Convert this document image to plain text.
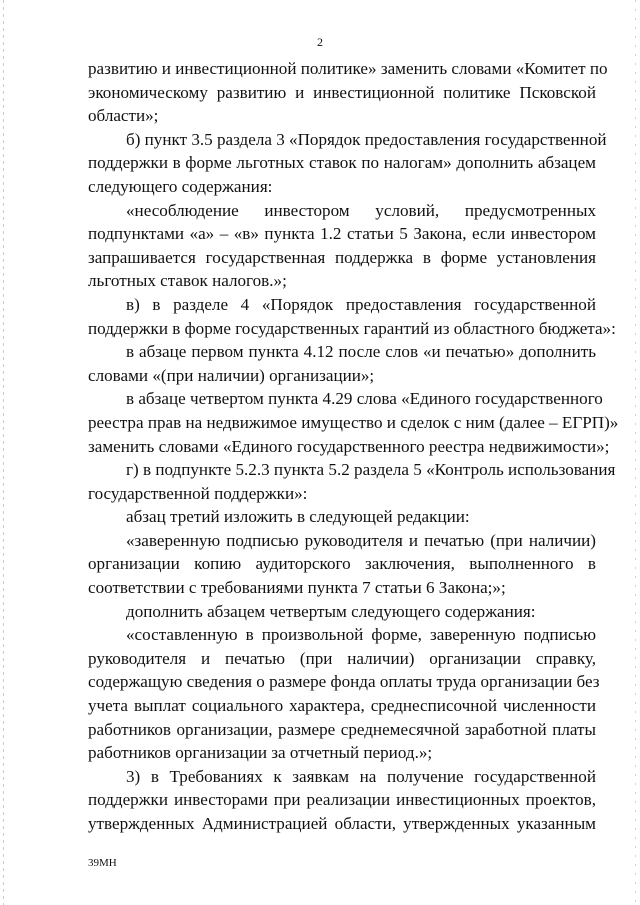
2
развитию и инвестиционной политике» заменить словами «Комитет по
экономическому развитию и инвестиционной политике Псковской
области»;
б) пункт 3.5 раздела 3 «Порядок предоставления государственной
поддержки в форме льготных ставок по налогам» дополнить абзацем
следующего содержания:
«несоблюдение инвестором условий, предусмотренных
подпунктами «а» – «в» пункта 1.2 статьи 5 Закона, если инвестором
запрашивается государственная поддержка в форме установления
льготных ставок налогов.»;
в) в разделе 4 «Порядок предоставления государственной
поддержки в форме государственных гарантий из областного бюджета»:
в абзаце первом пункта 4.12 после слов «и печатью» дополнить
словами «(при наличии) организации»;
в абзаце четвертом пункта 4.29 слова «Единого государственного
реестра прав на недвижимое имущество и сделок с ним (далее – ЕГРП)»
заменить словами «Единого государственного реестра недвижимости»;
г) в подпункте 5.2.3 пункта 5.2 раздела 5 «Контроль использования
государственной поддержки»:
абзац третий изложить в следующей редакции:
«заверенную подписью руководителя и печатью (при наличии)
организации копию аудиторского заключения, выполненного в
соответствии с требованиями пункта 7 статьи 6 Закона;»;
дополнить абзацем четвертым следующего содержания:
«составленную в произвольной форме, заверенную подписью
руководителя и печатью (при наличии) организации справку,
содержащую сведения о размере фонда оплаты труда организации без
учета выплат социального характера, среднесписочной численности
работников организации, размере среднемесячной заработной платы
работников организации за отчетный период.»;
3) в Требованиях к заявкам на получение государственной
поддержки инвесторами при реализации инвестиционных проектов,
утвержденных Администрацией области, утвержденных указанным
39МН
